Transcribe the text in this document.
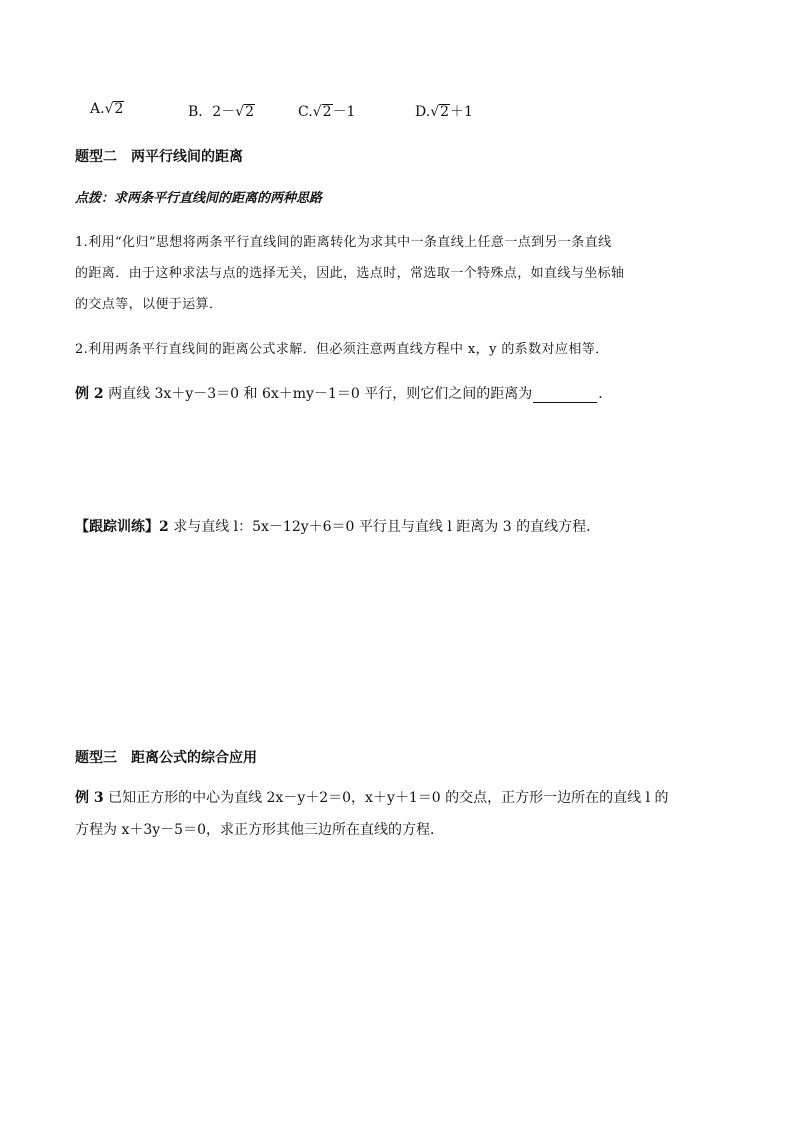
A.√2	B．2－√2	C.√2－1	D.√2＋1
题型二　两平行线间的距离
点拨：求两条平行直线间的距离的两种思路
1.利用“化归”思想将两条平行直线间的距离转化为求其中一条直线上任意一点到另一条直线
的距离．由于这种求法与点的选择无关，因此，选点时，常选取一个特殊点，如直线与坐标轴
的交点等，以便于运算．
2.利用两条平行直线间的距离公式求解．但必须注意两直线方程中 x，y 的系数对应相等．
例 2 两直线 3x＋y－3＝0 和 6x＋my－1＝0 平行，则它们之间的距离为	．
【跟踪训练】2 求与直线 l：5x－12y＋6＝0 平行且与直线 l 距离为 3 的直线方程．
题型三　距离公式的综合应用
例 3 已知正方形的中心为直线 2x－y＋2＝0，x＋y＋1＝0 的交点，正方形一边所在的直线 l 的
方程为 x＋3y－5＝0，求正方形其他三边所在直线的方程．
